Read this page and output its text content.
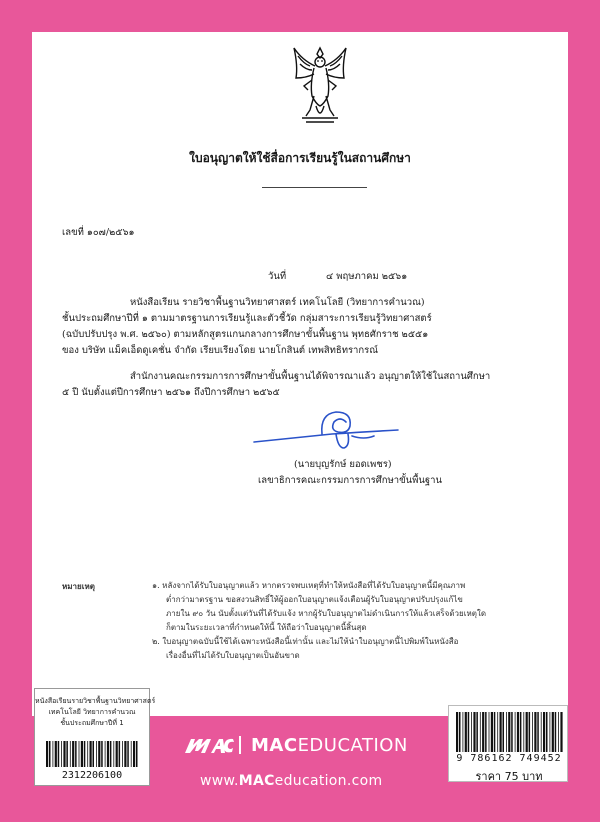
ใบอนุญาตให้ใช้สื่อการเรียนรู้ในสถานศึกษา
เลขที่ ๑๐๗/๒๕๖๑
วันที่	๔ พฤษภาคม ๒๕๖๑
หนังสือเรียน รายวิชาพื้นฐานวิทยาศาสตร์ เทคโนโลยี (วิทยาการคำนวณ)
ชั้นประถมศึกษาปีที่ ๑ ตามมาตรฐานการเรียนรู้และตัวชี้วัด กลุ่มสาระการเรียนรู้วิทยาศาสตร์
(ฉบับปรับปรุง พ.ศ. ๒๕๖๐) ตามหลักสูตรแกนกลางการศึกษาขั้นพื้นฐาน พุทธศักราช ๒๕๕๑
ของ บริษัท แม็คเอ็ดดูเคชั่น จำกัด เรียบเรียงโดย นายโกสินต์ เทพสิทธิทรากรณ์
สำนักงานคณะกรรมการการศึกษาขั้นพื้นฐานได้พิจารณาแล้ว อนุญาตให้ใช้ในสถานศึกษา
๕ ปี นับตั้งแต่ปีการศึกษา ๒๕๖๑ ถึงปีการศึกษา ๒๕๖๕
(นายบุญรักษ์ ยอดเพชร)
เลขาธิการคณะกรรมการการศึกษาขั้นพื้นฐาน
หมายเหตุ	๑. หลังจากได้รับใบอนุญาตแล้ว หากตรวจพบเหตุที่ทำให้หนังสือที่ได้รับใบอนุญาตนี้มีคุณภาพ
ต่ำกว่ามาตรฐาน ขอสงวนสิทธิ์ให้ผู้ออกใบอนุญาตแจ้งเตือนผู้รับใบอนุญาตปรับปรุงแก้ไข
ภายใน ๙๐ วัน นับตั้งแต่วันที่ได้รับแจ้ง หากผู้รับใบอนุญาตไม่ดำเนินการให้แล้วเสร็จด้วยเหตุใด
ก็ตามในระยะเวลาที่กำหนดให้นี้ ให้ถือว่าใบอนุญาตนี้สิ้นสุด
๒. ใบอนุญาตฉบับนี้ใช้ได้เฉพาะหนังสือนี้เท่านั้น และไม่ให้นำใบอนุญาตนี้ไปพิมพ์ในหนังสือ
เรื่องอื่นที่ไม่ได้รับใบอนุญาตเป็นอันขาด
หนังสือเรียนรายวิชาพื้นฐานวิทยาศาสตร์
เทคโนโลยี วิทยาการคำนวณ
ชั้นประถมศึกษาปีที่ 1
2312206100
MACEDUCATION
www.MACeducation.com
9 786162 749452
ราคา 75 บาท
